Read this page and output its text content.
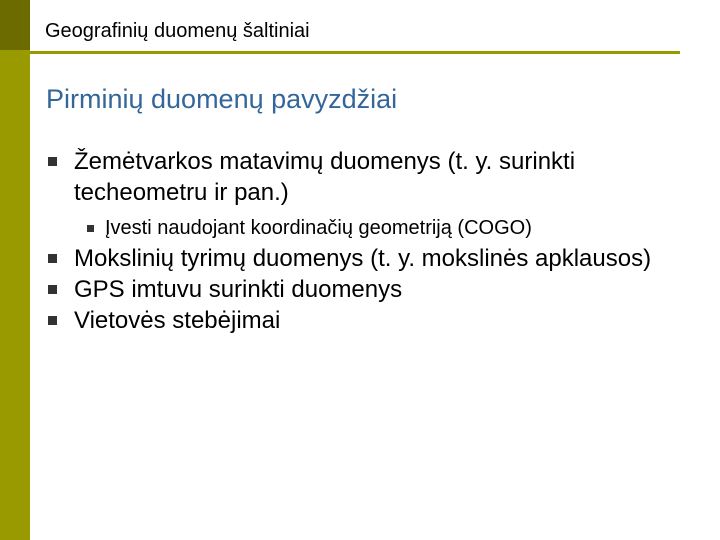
Geografinių duomenų šaltiniai
Pirminių duomenų pavyzdžiai
Žemėtvarkos matavimų duomenys (t. y. surinkti techeometru ir pan.)
Įvesti naudojant koordinačių geometriją (COGO)
Mokslinių tyrimų duomenys (t. y. mokslinės apklausos)
GPS imtuvu surinkti duomenys
Vietovės stebėjimai
